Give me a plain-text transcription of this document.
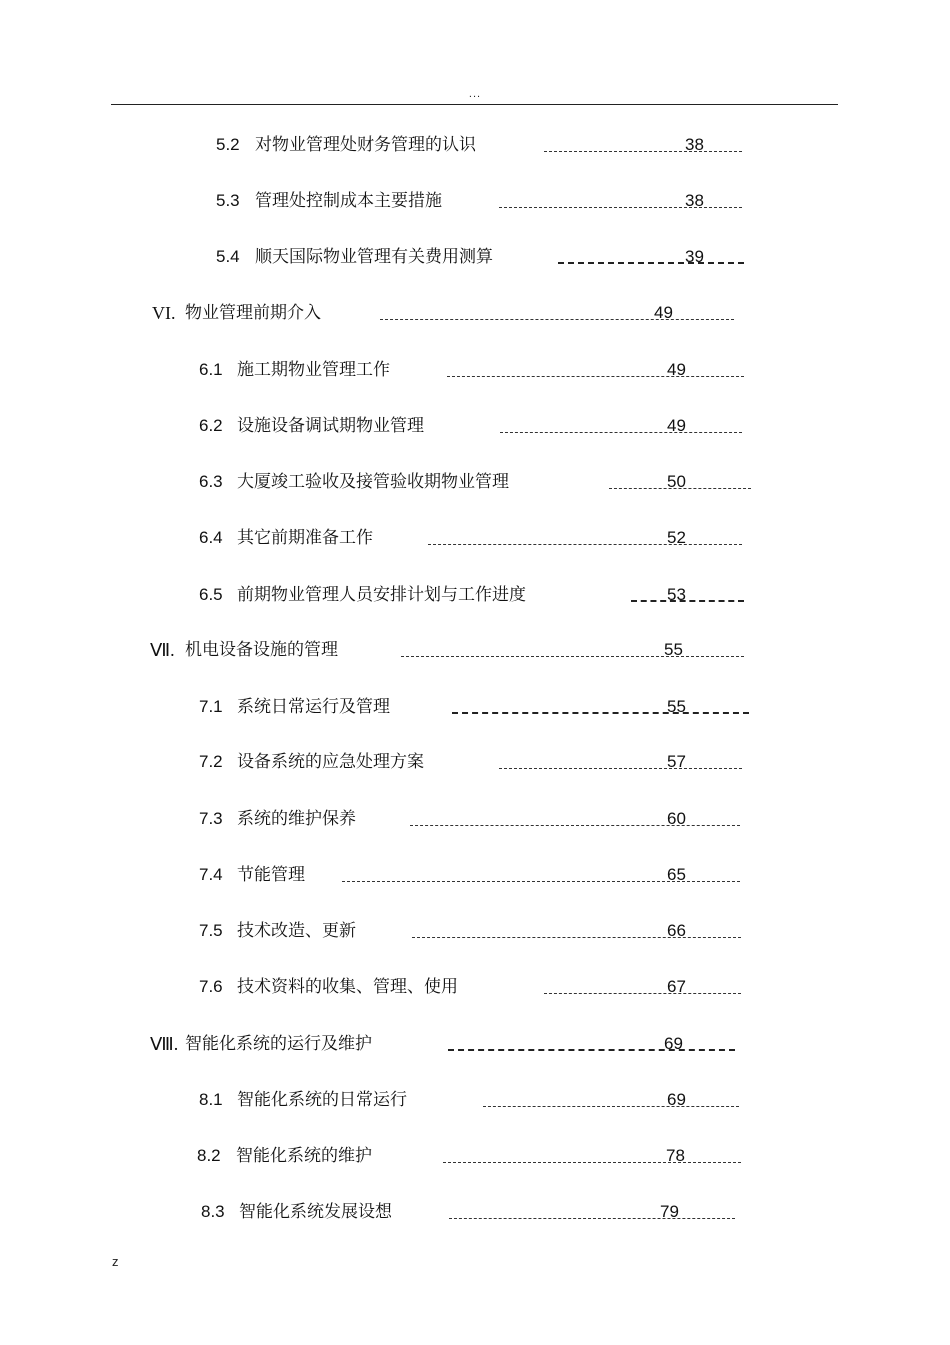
...
5.2 对物业管理处财务管理的认识	38
5.3 管理处控制成本主要措施	38
5.4 顺天国际物业管理有关费用测算	39
VI. 物业管理前期介入	49
6.1 施工期物业管理工作	49
6.2 设施设备调试期物业管理	49
6.3 大厦竣工验收及接管验收期物业管理	50
6.4 其它前期准备工作	52
6.5 前期物业管理人员安排计划与工作进度	53
Ⅶ. 机电设备设施的管理	55
7.1 系统日常运行及管理	55
7.2 设备系统的应急处理方案	57
7.3 系统的维护保养	60
7.4 节能管理	65
7.5 技术改造、更新	66
7.6 技术资料的收集、管理、使用	67
Ⅷ. 智能化系统的运行及维护	69
8.1 智能化系统的日常运行	69
8.2 智能化系统的维护	78
8.3 智能化系统发展设想	79
z
